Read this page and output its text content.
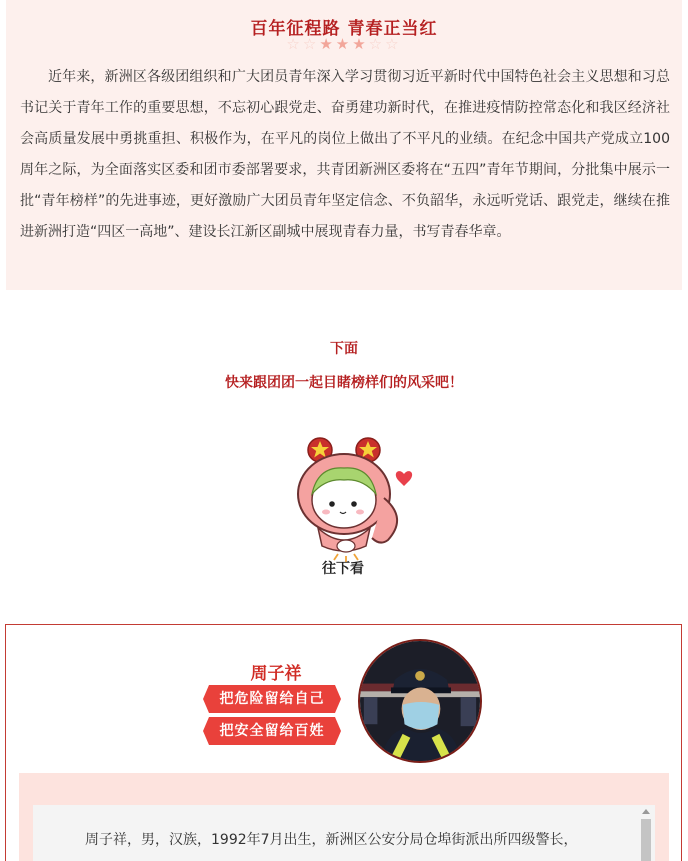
百年征程路 青春正当红
☆☆★★★☆☆

近年来，新洲区各级团组织和广大团员青年深入学习贯彻习近平新时代中国特色社会主义思想和习总书记关于青年工作的重要思想，不忘初心跟党走、奋勇建功新时代，在推进疫情防控常态化和我区经济社会高质量发展中勇挑重担、积极作为，在平凡的岗位上做出了不平凡的业绩。在纪念中国共产党成立100周年之际，为全面落实区委和团市委部署要求，共青团新洲区委将在“五四”青年节期间，分批集中展示一批“青年榜样”的先进事迹，更好激励广大团员青年坚定信念、不负韶华，永远听党话、跟党走，继续在推进新洲打造“四区一高地”、建设长江新区副城中展现青春力量，书写青春华章。

下面
快来跟团团一起目睹榜样们的风采吧！
往下看
周子祥
把危险留给自己
把安全留给百姓

周子祥，男，汉族，1992年7月出生，新洲区公安分局仓埠街派出所四级警长，
